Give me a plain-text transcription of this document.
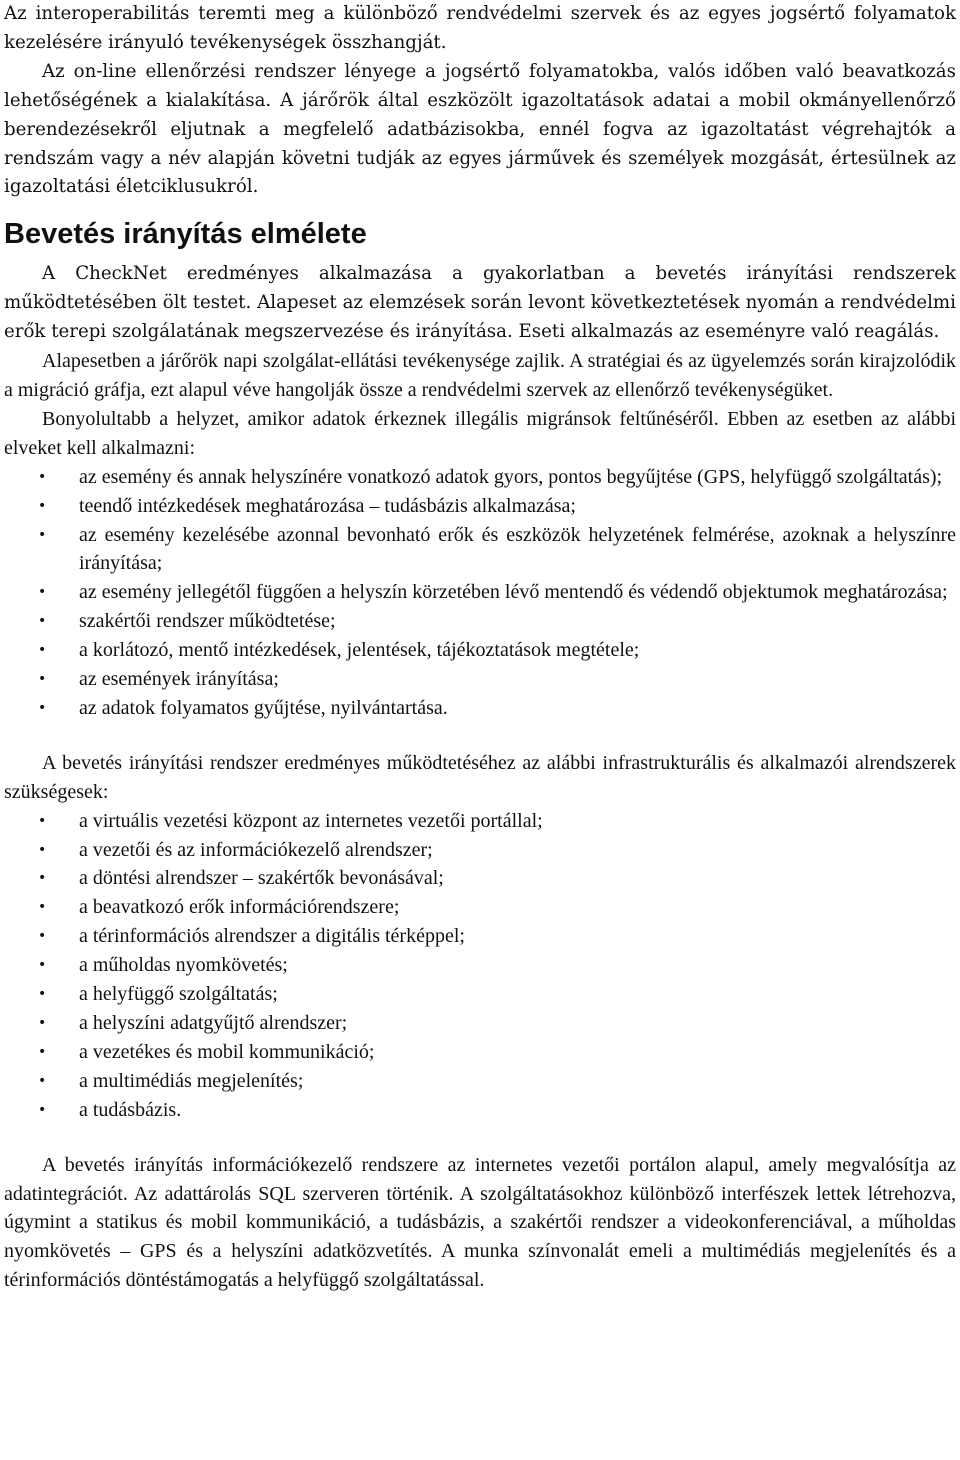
Az interoperabilitás teremti meg a különböző rendvédelmi szervek és az egyes jogsértő folyamatok kezelésére irányuló tevékenységek összhangját.

Az on-line ellenőrzési rendszer lényege a jogsértő folyamatokba, valós időben való beavatkozás lehetőségének a kialakítása. A járőrök által eszközölt igazoltatások adatai a mobil okmányellenőrző berendezésekről eljutnak a megfelelő adatbázisokba, ennél fogva az igazoltatást végrehajtók a rendszám vagy a név alapján követni tudják az egyes járművek és személyek mozgását, értesülnek az igazoltatási életciklusukról.

Bevetés irányítás elmélete

A CheckNet eredményes alkalmazása a gyakorlatban a bevetés irányítási rendszerek működtetésében ölt testet. Alapeset az elemzések során levont következtetések nyomán a rendvédelmi erők terepi szolgálatának megszervezése és irányítása. Eseti alkalmazás az eseményre való reagálás.

Alapesetben a járőrök napi szolgálat-ellátási tevékenysége zajlik. A stratégiai és az ügyelemzés során kirajzolódik a migráció gráfja, ezt alapul véve hangolják össze a rendvédelmi szervek az ellenőrző tevékenységüket.

Bonyolultabb a helyzet, amikor adatok érkeznek illegális migránsok feltűnéséről. Ebben az esetben az alábbi elveket kell alkalmazni:

• az esemény és annak helyszínére vonatkozó adatok gyors, pontos begyűjtése (GPS, helyfüggő szolgáltatás);
• teendő intézkedések meghatározása – tudásbázis alkalmazása;
• az esemény kezelésébe azonnal bevonható erők és eszközök helyzetének felmérése, azoknak a helyszínre irányítása;
• az esemény jellegétől függően a helyszín körzetében lévő mentendő és védendő objektumok meghatározása;
• szakértői rendszer működtetése;
• a korlátozó, mentő intézkedések, jelentések, tájékoztatások megtétele;
• az események irányítása;
• az adatok folyamatos gyűjtése, nyilvántartása.

A bevetés irányítási rendszer eredményes működtetéséhez az alábbi infrastrukturális és alkalmazói alrendszerek szükségesek:

• a virtuális vezetési központ az internetes vezetői portállal;
• a vezetői és az információkezelő alrendszer;
• a döntési alrendszer – szakértők bevonásával;
• a beavatkozó erők információrendszere;
• a térinformációs alrendszer a digitális térképpel;
• a műholdas nyomkövetés;
• a helyfüggő szolgáltatás;
• a helyszíni adatgyűjtő alrendszer;
• a vezetékes és mobil kommunikáció;
• a multimédiás megjelenítés;
• a tudásbázis.

A bevetés irányítás információkezelő rendszere az internetes vezetői portálon alapul, amely megvalósítja az adatintegrációt. Az adattárolás SQL szerveren történik. A szolgáltatásokhoz különböző interfészek lettek létrehozva, úgymint a statikus és mobil kommunikáció, a tudásbázis, a szakértői rendszer a videokonferenciával, a műholdas nyomkövetés – GPS és a helyszíni adatközvetítés. A munka színvonalát emeli a multimédiás megjelenítés és a térinformációs döntéstámogatás a helyfüggő szolgáltatással.
